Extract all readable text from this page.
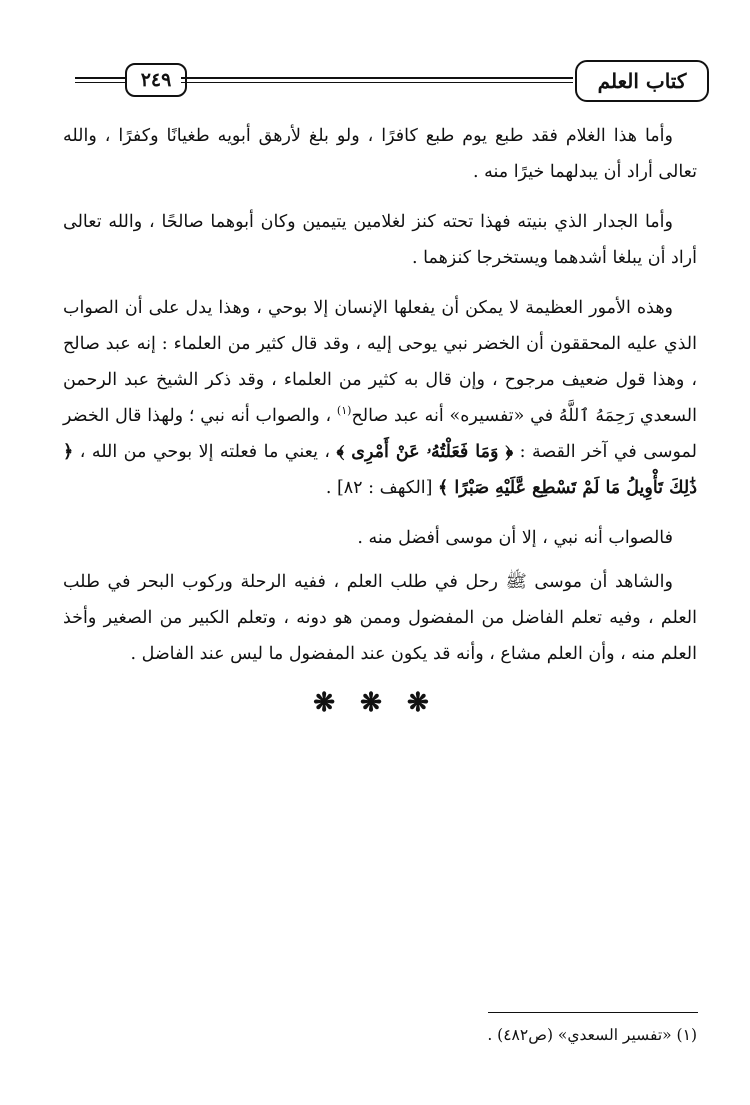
٢٤٩	كتاب العلم

وأما هذا الغلام فقد طبع يوم طبع كافرًا ، ولو بلغ لأرهق أبويه طغيانًا وكفرًا ، والله تعالى أراد أن يبدلهما خيرًا منه .

وأما الجدار الذي بنيته فهذا تحته كنز لغلامين يتيمين وكان أبوهما صالحًا ، والله تعالى أراد أن يبلغا أشدهما ويستخرجا كنزهما .

وهذه الأمور العظيمة لا يمكن أن يفعلها الإنسان إلا بوحي ، وهذا يدل على أن الصواب الذي عليه المحققون أن الخضر نبي يوحى إليه ، وقد قال كثير من العلماء : إنه عبد صالح ، وهذا قول ضعيف مرجوح ، وإن قال به كثير من العلماء ، وقد ذكر الشيخ عبد الرحمن السعدي رَحِمَهُ ٱللَّهُ في «تفسيره» أنه عبد صالح$^{(١)}$ ، والصواب أنه نبي ؛ ولهذا قال الخضر لموسى في آخر القصة : ﴿ وَمَا فَعَلْتُهُۥ عَنْ أَمْرِى ﴾ ، يعني ما فعلته إلا بوحي من الله ، ﴿ ذَٰلِكَ تَأْوِيلُ مَا لَمْ تَسْطِع عَّلَيْهِ صَبْرًا ﴾ [الكهف : ٨٢] .

فالصواب أنه نبي ، إلا أن موسى أفضل منه .

والشاهد أن موسى ﷺ رحل في طلب العلم ، ففيه الرحلة وركوب البحر في طلب العلم ، وفيه تعلم الفاضل من المفضول وممن هو دونه ، وتعلم الكبير من الصغير وأخذ العلم منه ، وأن العلم مشاع ، وأنه قد يكون عند المفضول ما ليس عند الفاضل .

❋ ❋ ❋
(١) «تفسير السعدي» (ص٤٨٢) .
